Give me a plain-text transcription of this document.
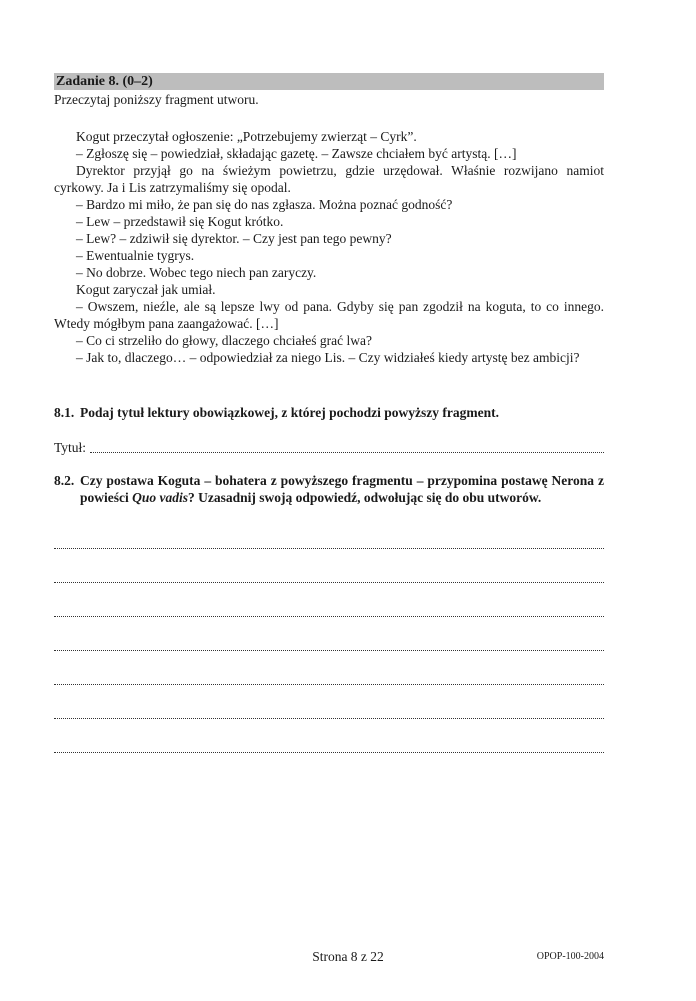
Zadanie 8. (0–2)
Przeczytaj poniższy fragment utworu.

Kogut przeczytał ogłoszenie: „Potrzebujemy zwierząt – Cyrk”.

– Zgłoszę się – powiedział, składając gazetę. – Zawsze chciałem być artystą. […]

Dyrektor przyjął go na świeżym powietrzu, gdzie urzędował. Właśnie rozwijano namiot cyrkowy. Ja i Lis zatrzymaliśmy się opodal.

– Bardzo mi miło, że pan się do nas zgłasza. Można poznać godność?

– Lew – przedstawił się Kogut krótko.

– Lew? – zdziwił się dyrektor. – Czy jest pan tego pewny?

– Ewentualnie tygrys.

– No dobrze. Wobec tego niech pan zaryczy.

Kogut zaryczał jak umiał.

– Owszem, nieźle, ale są lepsze lwy od pana. Gdyby się pan zgodził na koguta, to co innego. Wtedy mógłbym pana zaangażować. […]

– Co ci strzeliło do głowy, dlaczego chciałeś grać lwa?

– Jak to, dlaczego… – odpowiedział za niego Lis. – Czy widziałeś kiedy artystę bez ambicji?

8.1. Podaj tytuł lektury obowiązkowej, z której pochodzi powyższy fragment.
Tytuł:
8.2. Czy postawa Koguta – bohatera z powyższego fragmentu – przypomina postawę Nerona z powieści Quo vadis? Uzasadnij swoją odpowiedź, odwołując się do obu utworów.
Strona 8 z 22	OPOP-100-2004
